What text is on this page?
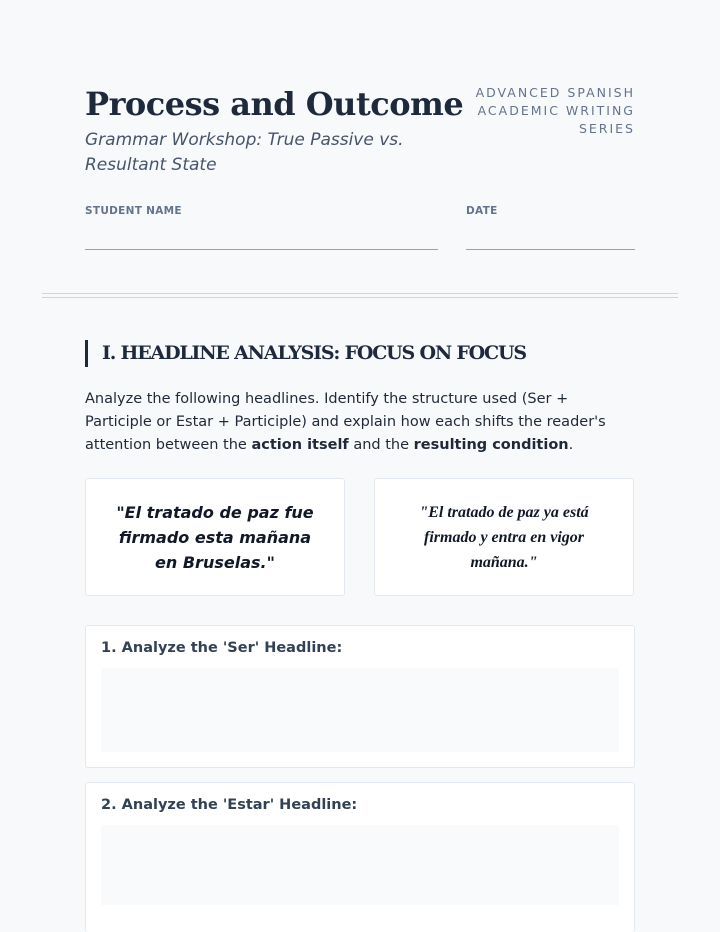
Process and Outcome
Grammar Workshop: True Passive vs. Resultant State
ADVANCED SPANISH
ACADEMIC WRITING
SERIES
STUDENT NAME	DATE
I. HEADLINE ANALYSIS: FOCUS ON FOCUS
Analyze the following headlines. Identify the structure used (Ser + Participle or Estar + Participle) and explain how each shifts the reader's attention between the action itself and the resulting condition.
"El tratado de paz fue firmado esta mañana en Bruselas."
"El tratado de paz ya está firmado y entra en vigor mañana."
1. Analyze the 'Ser' Headline:
2. Analyze the 'Estar' Headline:
